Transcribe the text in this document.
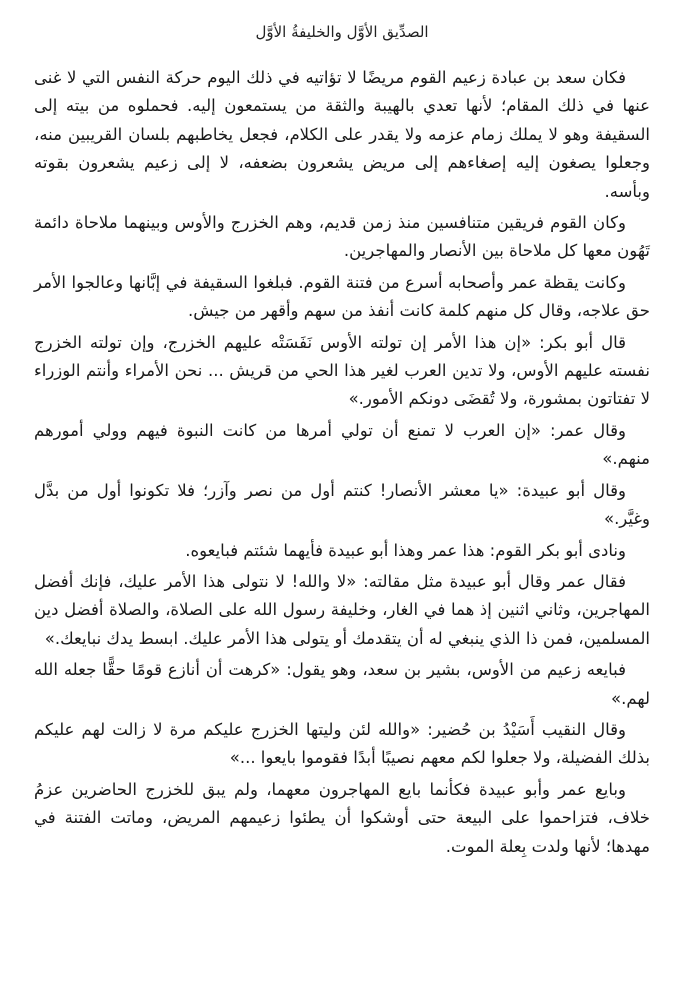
الصدِّيق الأوَّل والخليفةُ الأوَّل

فكان سعد بن عبادة زعيم القوم مريضًا لا تؤاتيه في ذلك اليوم حركة النفس التي لا غنى عنها في ذلك المقام؛ لأنها تعدي بالهيبة والثقة من يستمعون إليه. فحملوه من بيته إلى السقيفة وهو لا يملك زمام عزمه ولا يقدر على الكلام، فجعل يخاطبهم بلسان القريبين منه، وجعلوا يصغون إليه إصغاءهم إلى مريض يشعرون بضعفه، لا إلى زعيم يشعرون بقوته وبأسه.

وكان القوم فريقين متنافسين منذ زمن قديم، وهم الخزرج والأوس وبينهما ملاحاة دائمة تَهُون معها كل ملاحاة بين الأنصار والمهاجرين.

وكانت يقظة عمر وأصحابه أسرع من فتنة القوم. فبلغوا السقيفة في إبَّانها وعالجوا الأمر حق علاجه، وقال كل منهم كلمة كانت أنفذ من سهم وأقهر من جيش.

قال أبو بكر: «إن هذا الأمر إن تولته الأوس نَفَسَتْه عليهم الخزرج، وإن تولته الخزرج نفسته عليهم الأوس، ولا تدين العرب لغير هذا الحي من قريش ... نحن الأمراء وأنتم الوزراء لا تفتاتون بمشورة، ولا تُقضَى دونكم الأمور.»

وقال عمر: «إن العرب لا تمنع أن تولي أمرها من كانت النبوة فيهم وولي أمورهم منهم.»

وقال أبو عبيدة: «يا معشر الأنصار! كنتم أول من نصر وآزر؛ فلا تكونوا أول من بدَّل وغيَّر.»

ونادى أبو بكر القوم: هذا عمر وهذا أبو عبيدة فأيهما شئتم فبايعوه.

فقال عمر وقال أبو عبيدة مثل مقالته: «لا والله! لا نتولى هذا الأمر عليك، فإنك أفضل المهاجرين، وثاني اثنين إذ هما في الغار، وخليفة رسول الله على الصلاة، والصلاة أفضل دين المسلمين، فمن ذا الذي ينبغي له أن يتقدمك أو يتولى هذا الأمر عليك. ابسط يدك نبايعك.»

فبايعه زعيم من الأوس، بشير بن سعد، وهو يقول: «كرهت أن أنازع قومًا حقًّا جعله الله لهم.»

وقال النقيب أَسَيْدُ بن حُضير: «والله لئن وليتها الخزرج عليكم مرة لا زالت لهم عليكم بذلك الفضيلة، ولا جعلوا لكم معهم نصيبًا أبدًا فقوموا بايعوا ...»

وبايع عمر وأبو عبيدة فكأنما بايع المهاجرون معهما، ولم يبق للخزرج الحاضرين عزمُ خلاف، فتزاحموا على البيعة حتى أوشكوا أن يطئوا زعيمهم المريض، وماتت الفتنة في مهدها؛ لأنها ولدت بِعلة الموت.
